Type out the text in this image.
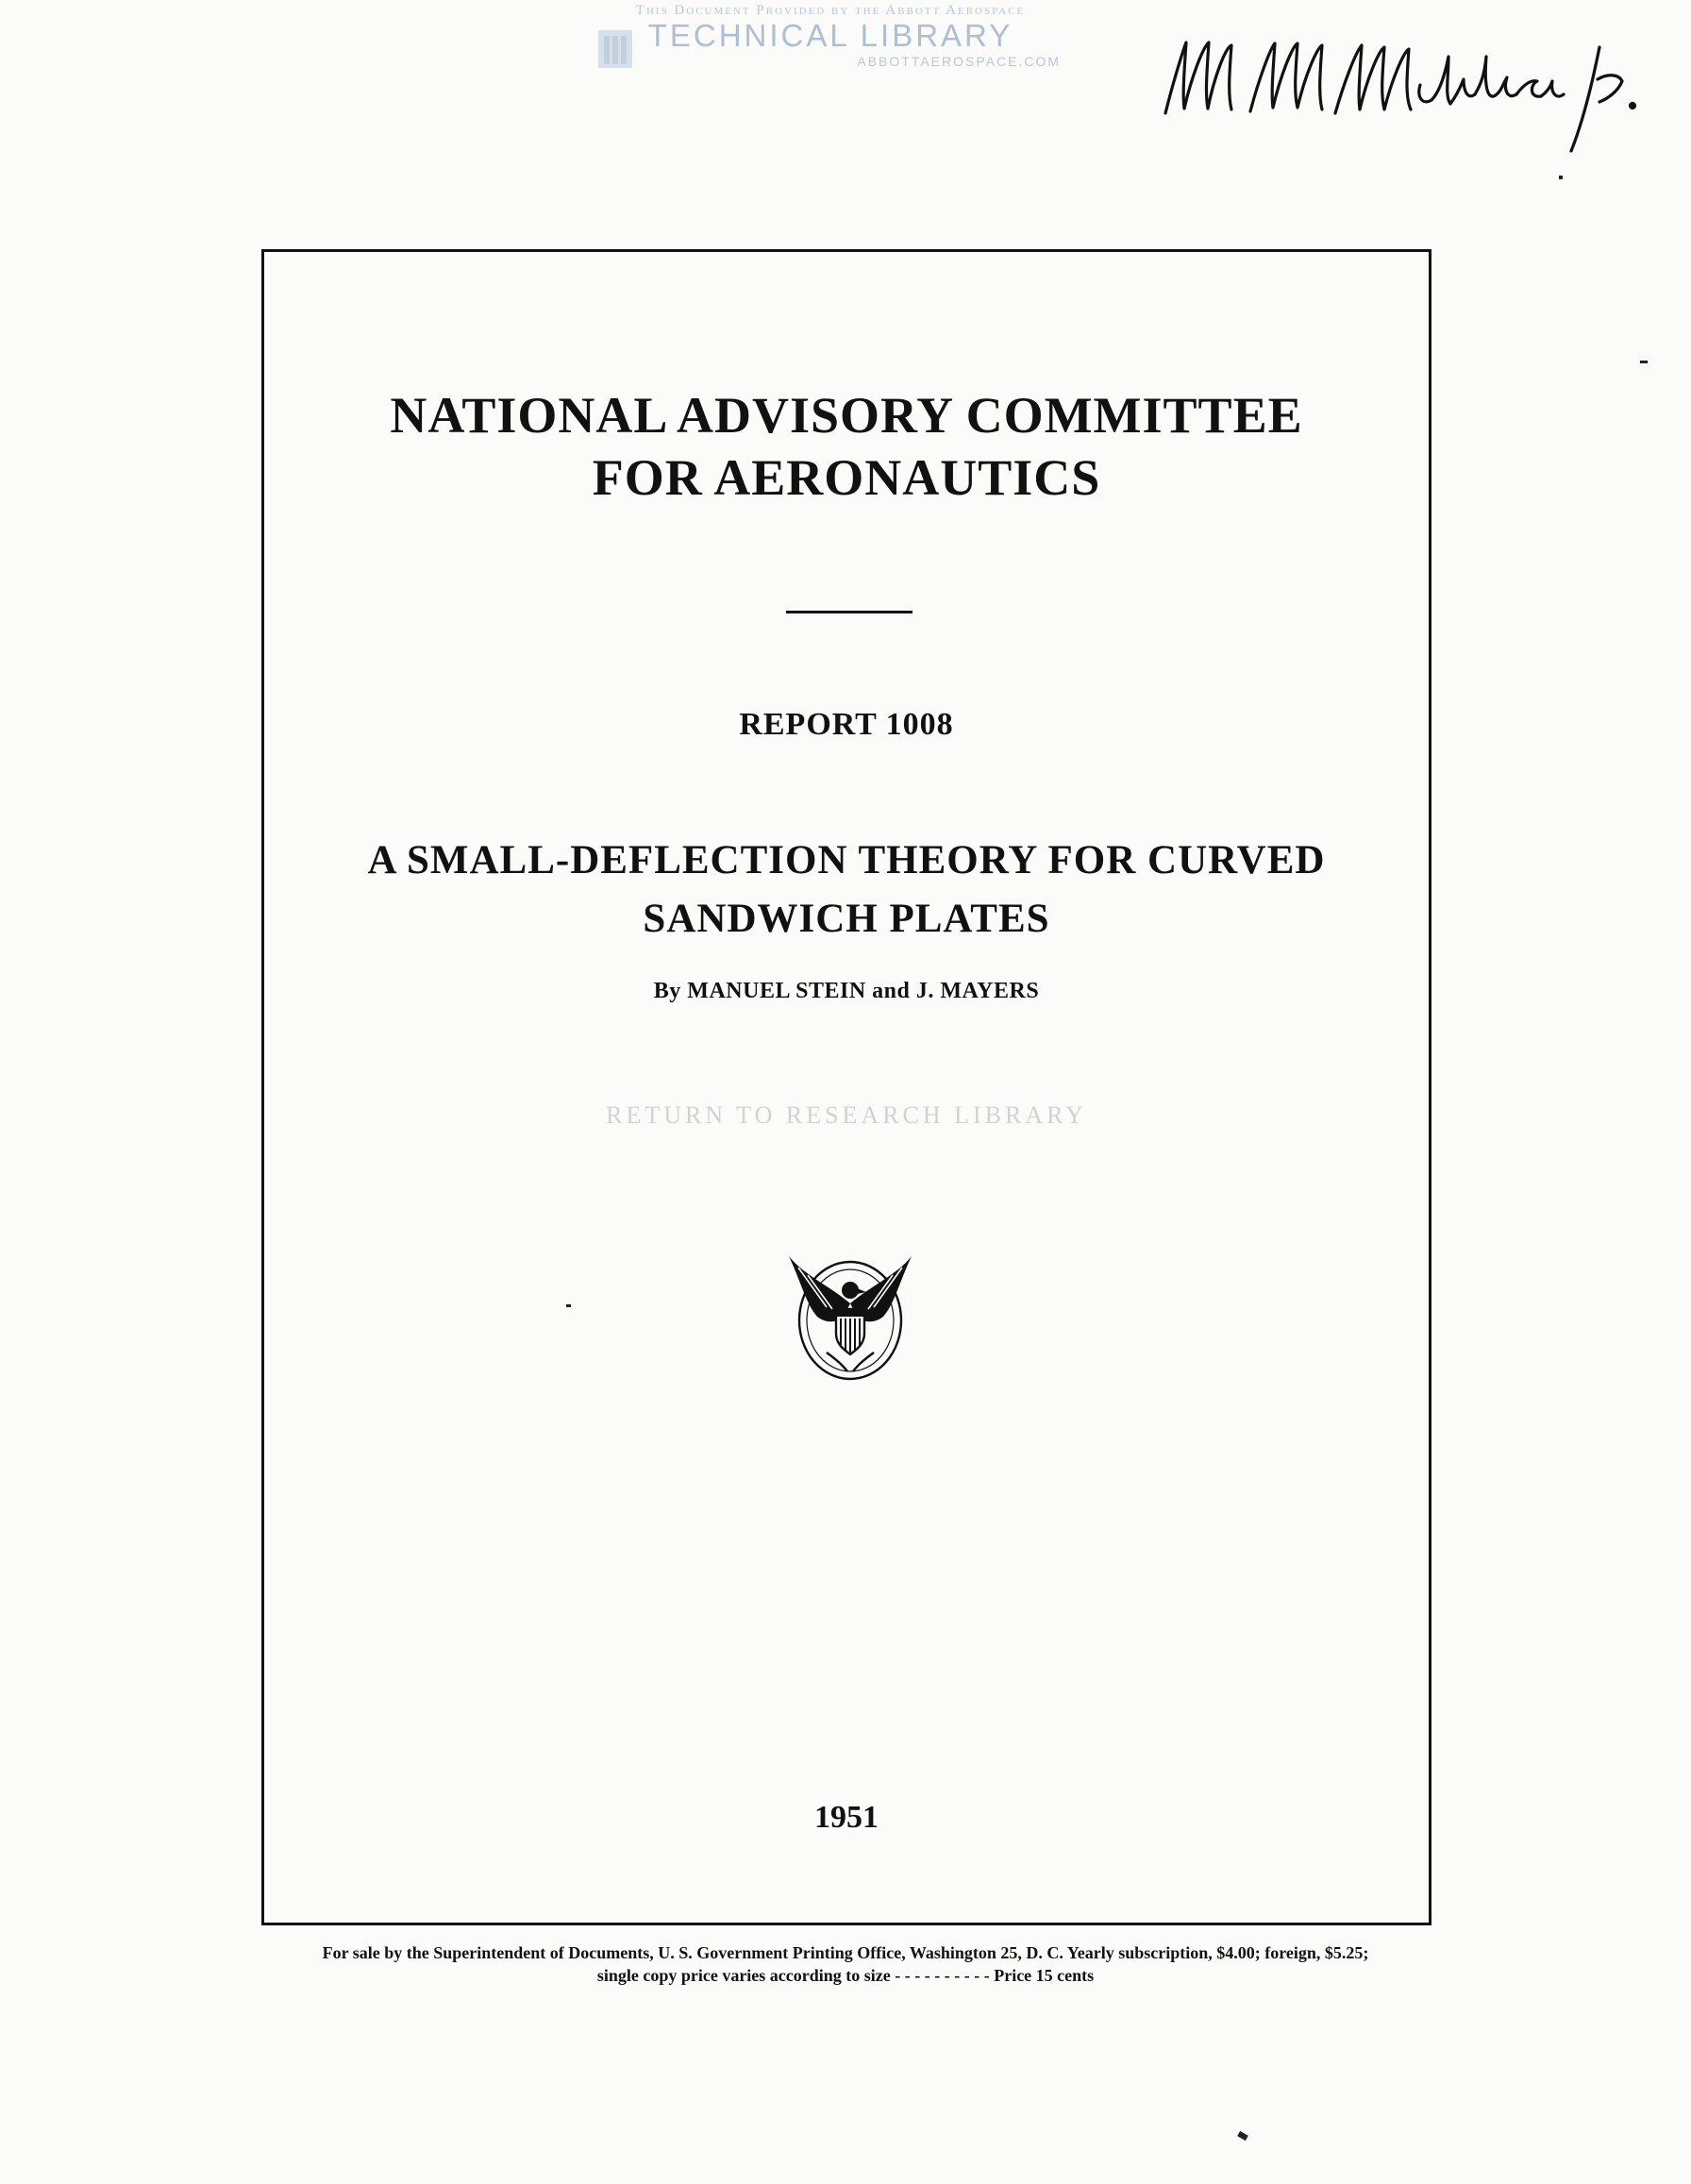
This Document Provided by the Abbott Aerospace
TECHNICAL LIBRARY
ABBOTTAEROSPACE.COM
NATIONAL ADVISORY COMMITTEE
FOR AERONAUTICS
REPORT 1008
A SMALL-DEFLECTION THEORY FOR CURVED
SANDWICH PLATES
By MANUEL STEIN and J. MAYERS
RETURN TO RESEARCH LIBRARY
1951
For sale by the Superintendent of Documents, U. S. Government Printing Office, Washington 25, D. C. Yearly subscription, $4.00; foreign, $5.25;
single copy price varies according to size - - - - - - - - - - Price 15 cents
